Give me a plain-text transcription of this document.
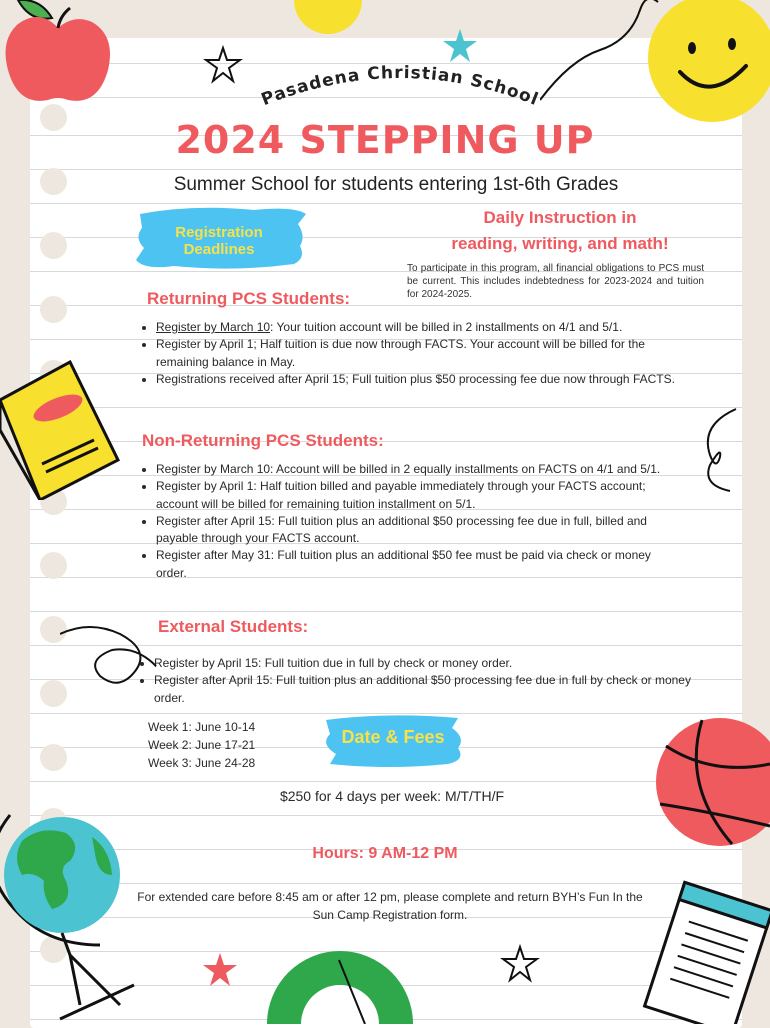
Pasadena Christian School
2024 STEPPING UP
Summer School for students entering 1st-6th Grades
Registration
Deadlines
Daily Instruction in
reading, writing, and math!
To participate in this program, all financial obligations to PCS must be current. This includes indebtedness for 2023-2024 and tuition for 2024-2025.
Returning PCS Students:
• Register by March 10: Your tuition account will be billed in 2 installments on 4/1 and 5/1.
• Register by April 1; Half tuition is due now through FACTS. Your account will be billed for the remaining balance in May.
• Registrations received after April 15; Full tuition plus $50 processing fee due now through FACTS.
Non-Returning PCS Students:
• Register by March 10: Account will be billed in 2 equally installments on FACTS on 4/1 and 5/1.
• Register by April 1: Half tuition billed and payable immediately through your FACTS account; account will be billed for remaining tuition installment on 5/1.
• Register after April 15: Full tuition plus an additional $50 processing fee due in full, billed and payable through your FACTS account.
• Register after May 31: Full tuition plus an additional $50 fee must be paid via check or money order.
External Students:
• Register by April 15: Full tuition due in full by check or money order.
• Register after April 15: Full tuition plus an additional $50 processing fee due in full by check or money order.
Week 1: June 10-14
Week 2: June 17-21
Week 3: June 24-28
Date & Fees
$250 for 4 days per week: M/T/TH/F
Hours: 9 AM-12 PM
For extended care before 8:45 am or after 12 pm, please complete and return BYH’s Fun In the Sun Camp Registration form.
